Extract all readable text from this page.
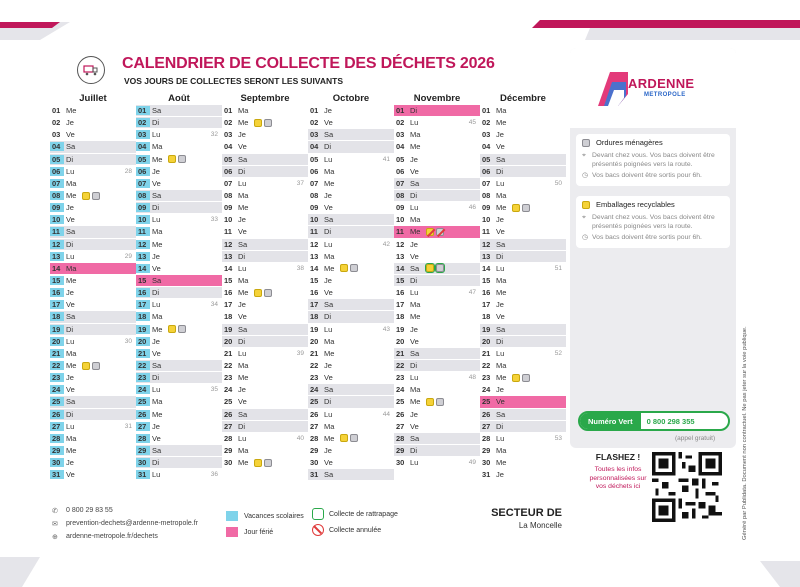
CALENDRIER DE COLLECTE DES DÉCHETS 2026
VOS JOURS DE COLLECTES SERONT LES SUIVANTS
Juillet
01 Me
02 Je
03 Ve
04 Sa
05 Di
06 Lu	28
07 Ma
08 Me
09 Je
10 Ve
11 Sa
12 Di
13 Lu	29
14 Ma
15 Me
16 Je
17 Ve
18 Sa
19 Di
20 Lu	30
21 Ma
22 Me
23 Je
24 Ve
25 Sa
26 Di
27 Lu	31
28 Ma
29 Me
30 Je
31 Ve
Août
01 Sa
02 Di
03 Lu	32
04 Ma
05 Me
06 Je
07 Ve
08 Sa
09 Di
10 Lu	33
11 Ma
12 Me
13 Je
14 Ve
15 Sa
16 Di
17 Lu	34
18 Ma
19 Me
20 Je
21 Ve
22 Sa
23 Di
24 Lu	35
25 Ma
26 Me
27 Je
28 Ve
29 Sa
30 Di
31 Lu	36
Septembre
01 Ma
02 Me
03 Je
04 Ve
05 Sa
06 Di
07 Lu	37
08 Ma
09 Me
10 Je
11 Ve
12 Sa
13 Di
14 Lu	38
15 Ma
16 Me
17 Je
18 Ve
19 Sa
20 Di
21 Lu	39
22 Ma
23 Me
24 Je
25 Ve
26 Sa
27 Di
28 Lu	40
29 Ma
30 Me
Octobre
01 Je
02 Ve
03 Sa
04 Di
05 Lu	41
06 Ma
07 Me
08 Je
09 Ve
10 Sa
11 Di
12 Lu	42
13 Ma
14 Me
15 Je
16 Ve
17 Sa
18 Di
19 Lu	43
20 Ma
21 Me
22 Je
23 Ve
24 Sa
25 Di
26 Lu	44
27 Ma
28 Me
29 Je
30 Ve
31 Sa
Novembre
01 Di
02 Lu	45
03 Ma
04 Me
05 Je
06 Ve
07 Sa
08 Di
09 Lu	46
10 Ma
11 Me
12 Je
13 Ve
14 Sa
15 Di
16 Lu	47
17 Ma
18 Me
19 Je
20 Ve
21 Sa
22 Di
23 Lu	48
24 Ma
25 Me
26 Je
27 Ve
28 Sa
29 Di
30 Lu	49
Décembre
01 Ma
02 Me
03 Je
04 Ve
05 Sa
06 Di
07 Lu	50
08 Ma
09 Me
10 Je
11 Ve
12 Sa
13 Di
14 Lu	51
15 Ma
16 Me
17 Je
18 Ve
19 Sa
20 Di
21 Lu	52
22 Ma
23 Me
24 Je
25 Ve
26 Sa
27 Di
28 Lu	53
29 Ma
30 Me
31 Je
ARDENNE
METROPOLE
Ordures ménagères
⌖ Devant chez vous. Vos bacs doivent être présentés poignées vers la route.
◷ Vos bacs doivent être sortis pour 6h.
Emballages recyclables
⌖ Devant chez vous. Vos bacs doivent être présentés poignées vers la route.
◷ Vos bacs doivent être sortis pour 6h.
Numéro Vert	0 800 298 355
(appel gratuit)
FLASHEZ !
Toutes les infos personnalisées sur vos déchets ici
✆	0 800 29 83 55
✉	prevention-dechets@ardenne-metropole.fr
⊕	ardenne-metropole.fr/dechets
Vacances scolaires
Jour férié
Collecte de rattrapage
Collecte annulée
SECTEUR DE
La Moncelle	Généré par Publidata. Document non contractuel. Ne pas jeter sur la voie publique.
